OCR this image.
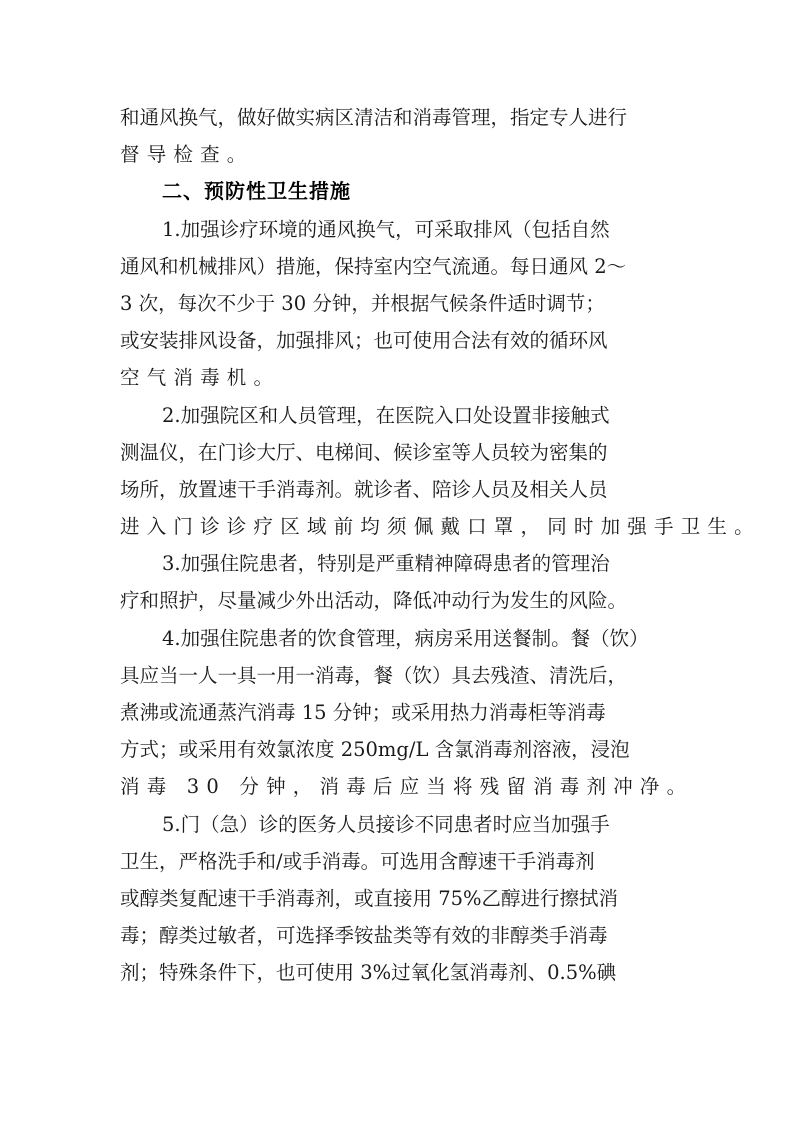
和通风换气，做好做实病区清洁和消毒管理，指定专人进行
督导检查。
二、预防性卫生措施
1.加强诊疗环境的通风换气，可采取排风（包括自然
通风和机械排风）措施，保持室内空气流通。每日通风 2～
3 次，每次不少于 30 分钟，并根据气候条件适时调节；
或安装排风设备，加强排风；也可使用合法有效的循环风
空气消毒机。
2.加强院区和人员管理，在医院入口处设置非接触式
测温仪，在门诊大厅、电梯间、候诊室等人员较为密集的
场所，放置速干手消毒剂。就诊者、陪诊人员及相关人员
进入门诊诊疗区域前均须佩戴口罩，同时加强手卫生。
3.加强住院患者，特别是严重精神障碍患者的管理治
疗和照护，尽量减少外出活动，降低冲动行为发生的风险。
4.加强住院患者的饮食管理，病房采用送餐制。餐（饮）
具应当一人一具一用一消毒，餐（饮）具去残渣、清洗后，
煮沸或流通蒸汽消毒 15 分钟；或采用热力消毒柜等消毒
方式；或采用有效氯浓度 250mg/L 含氯消毒剂溶液，浸泡
消毒 30 分钟，消毒后应当将残留消毒剂冲净。
5.门（急）诊的医务人员接诊不同患者时应当加强手
卫生，严格洗手和/或手消毒。可选用含醇速干手消毒剂
或醇类复配速干手消毒剂，或直接用 75%乙醇进行擦拭消
毒；醇类过敏者，可选择季铵盐类等有效的非醇类手消毒
剂；特殊条件下，也可使用 3%过氧化氢消毒剂、0.5%碘
